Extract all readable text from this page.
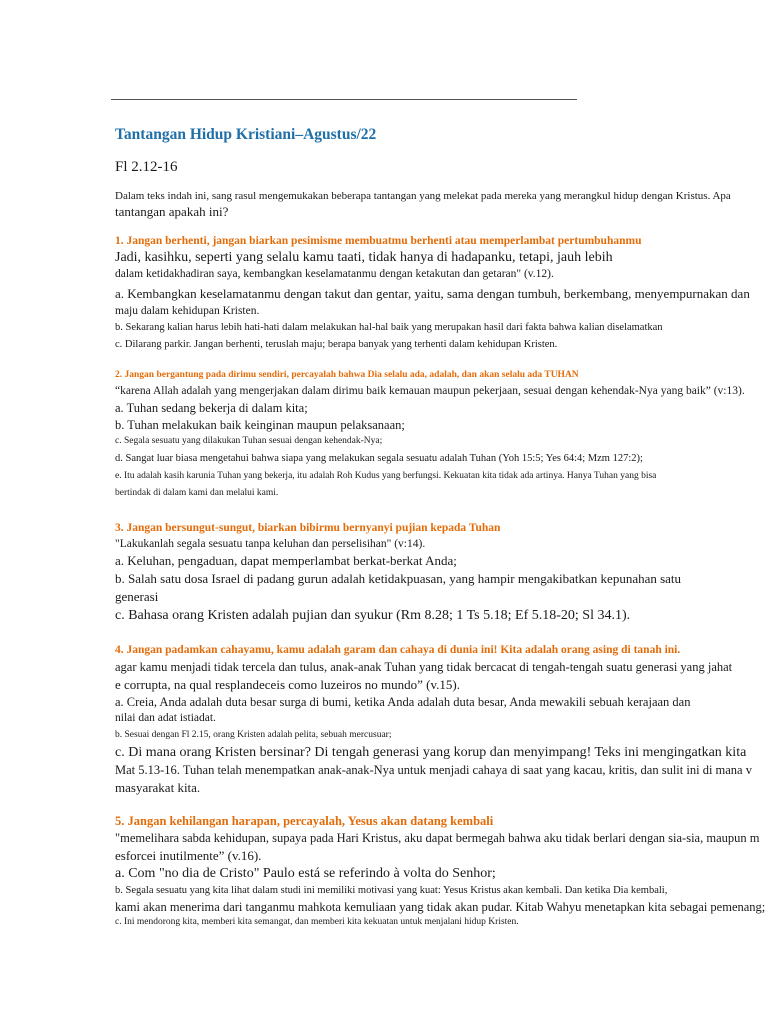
Tantangan Hidup Kristiani–Agustus/22

Fl 2.12-16

Dalam teks indah ini, sang rasul mengemukakan beberapa tantangan yang melekat pada mereka yang merangkul hidup dengan Kristus. Apa

tantangan apakah ini?

1. Jangan berhenti, jangan biarkan pesimisme membuatmu berhenti atau memperlambat pertumbuhanmu

Jadi, kasihku, seperti yang selalu kamu taati, tidak hanya di hadapanku, tetapi, jauh lebih

dalam ketidakhadiran saya, kembangkan keselamatanmu dengan ketakutan dan getaran" (v.12).

a. Kembangkan keselamatanmu dengan takut dan gentar, yaitu, sama dengan tumbuh, berkembang, menyempurnakan dan

maju dalam kehidupan Kristen.

b. Sekarang kalian harus lebih hati-hati dalam melakukan hal-hal baik yang merupakan hasil dari fakta bahwa kalian diselamatkan

c. Dilarang parkir. Jangan berhenti, teruslah maju; berapa banyak yang terhenti dalam kehidupan Kristen.

2. Jangan bergantung pada dirimu sendiri, percayalah bahwa Dia selalu ada, adalah, dan akan selalu ada TUHAN

“karena Allah adalah yang mengerjakan dalam dirimu baik kemauan maupun pekerjaan, sesuai dengan kehendak-Nya yang baik” (v:13).

a. Tuhan sedang bekerja di dalam kita;

b. Tuhan melakukan baik keinginan maupun pelaksanaan;

c. Segala sesuatu yang dilakukan Tuhan sesuai dengan kehendak-Nya;

d. Sangat luar biasa mengetahui bahwa siapa yang melakukan segala sesuatu adalah Tuhan (Yoh 15:5; Yes 64:4; Mzm 127:2);

e. Itu adalah kasih karunia Tuhan yang bekerja, itu adalah Roh Kudus yang berfungsi. Kekuatan kita tidak ada artinya. Hanya Tuhan yang bisa

bertindak di dalam kami dan melalui kami.

3. Jangan bersungut-sungut, biarkan bibirmu bernyanyi pujian kepada Tuhan

"Lakukanlah segala sesuatu tanpa keluhan dan perselisihan" (v:14).

a. Keluhan, pengaduan, dapat memperlambat berkat-berkat Anda;

b. Salah satu dosa Israel di padang gurun adalah ketidakpuasan, yang hampir mengakibatkan kepunahan satu

generasi

c. Bahasa orang Kristen adalah pujian dan syukur (Rm 8.28; 1 Ts 5.18; Ef 5.18-20; Sl 34.1).

4. Jangan padamkan cahayamu, kamu adalah garam dan cahaya di dunia ini! Kita adalah orang asing di tanah ini.

agar kamu menjadi tidak tercela dan tulus, anak-anak Tuhan yang tidak bercacat di tengah-tengah suatu generasi yang jahat

e corrupta, na qual resplandeceis como luzeiros no mundo” (v.15).

a. Creia, Anda adalah duta besar surga di bumi, ketika Anda adalah duta besar, Anda mewakili sebuah kerajaan dan

nilai dan adat istiadat.

b. Sesuai dengan Fl 2.15, orang Kristen adalah pelita, sebuah mercusuar;

c. Di mana orang Kristen bersinar? Di tengah generasi yang korup dan menyimpang! Teks ini mengingatkan kita

Mat 5.13-16. Tuhan telah menempatkan anak-anak-Nya untuk menjadi cahaya di saat yang kacau, kritis, dan sulit ini di mana v

masyarakat kita.

5. Jangan kehilangan harapan, percayalah, Yesus akan datang kembali

"memelihara sabda kehidupan, supaya pada Hari Kristus, aku dapat bermegah bahwa aku tidak berlari dengan sia-sia, maupun m

esforcei inutilmente” (v.16).

a. Com "no dia de Cristo" Paulo está se referindo à volta do Senhor;

b. Segala sesuatu yang kita lihat dalam studi ini memiliki motivasi yang kuat: Yesus Kristus akan kembali. Dan ketika Dia kembali,

kami akan menerima dari tanganmu mahkota kemuliaan yang tidak akan pudar. Kitab Wahyu menetapkan kita sebagai pemenang;

c. Ini mendorong kita, memberi kita semangat, dan memberi kita kekuatan untuk menjalani hidup Kristen.
